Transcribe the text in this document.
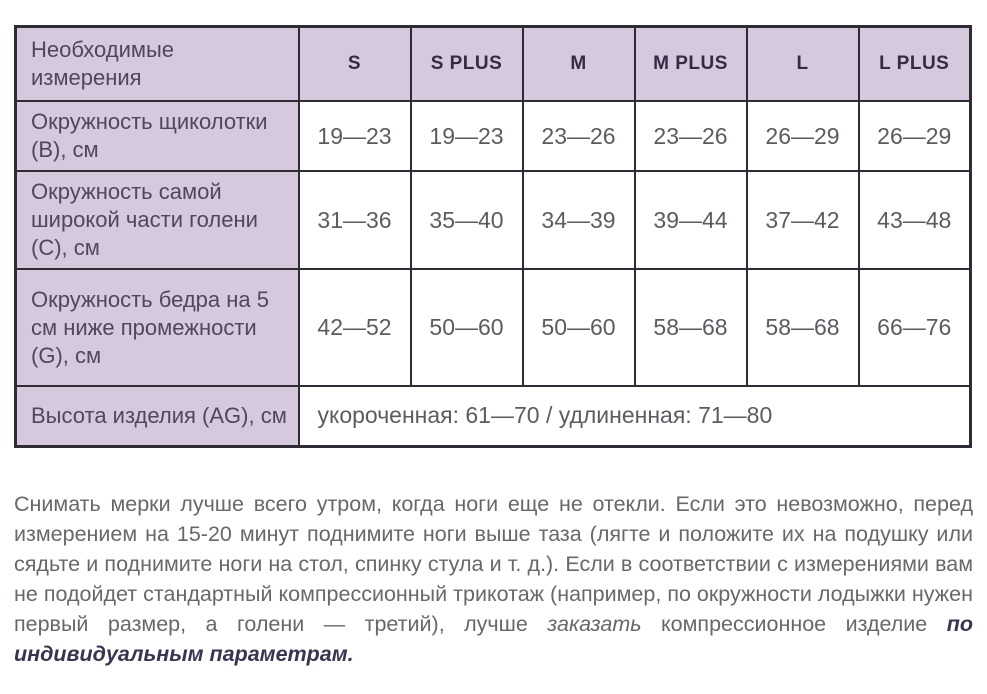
Необходимые измерения	S	S PLUS	M	M PLUS	L	L PLUS
Окружность щиколотки (B), см	19—23	19—23	23—26	23—26	26—29	26—29
Окружность самой широкой части голени (C), см	31—36	35—40	34—39	39—44	37—42	43—48
Окружность бедра на 5 см ниже промежности (G), см	42—52	50—60	50—60	58—68	58—68	66—76
Высота изделия (AG), см	укороченная: 61—70 / удлиненная: 71—80					

Снимать мерки лучше всего утром, когда ноги еще не отекли. Если это невозможно, перед измерением на 15-20 минут поднимите ноги выше таза (лягте и положите их на подушку или сядьте и поднимите ноги на стол, спинку стула и т. д.). Если в соответствии с измерениями вам не подойдет стандартный компрессионный трикотаж (например, по окружности лодыжки нужен первый размер, а голени — третий), лучше заказать компрессионное изделие по индивидуальным параметрам.
